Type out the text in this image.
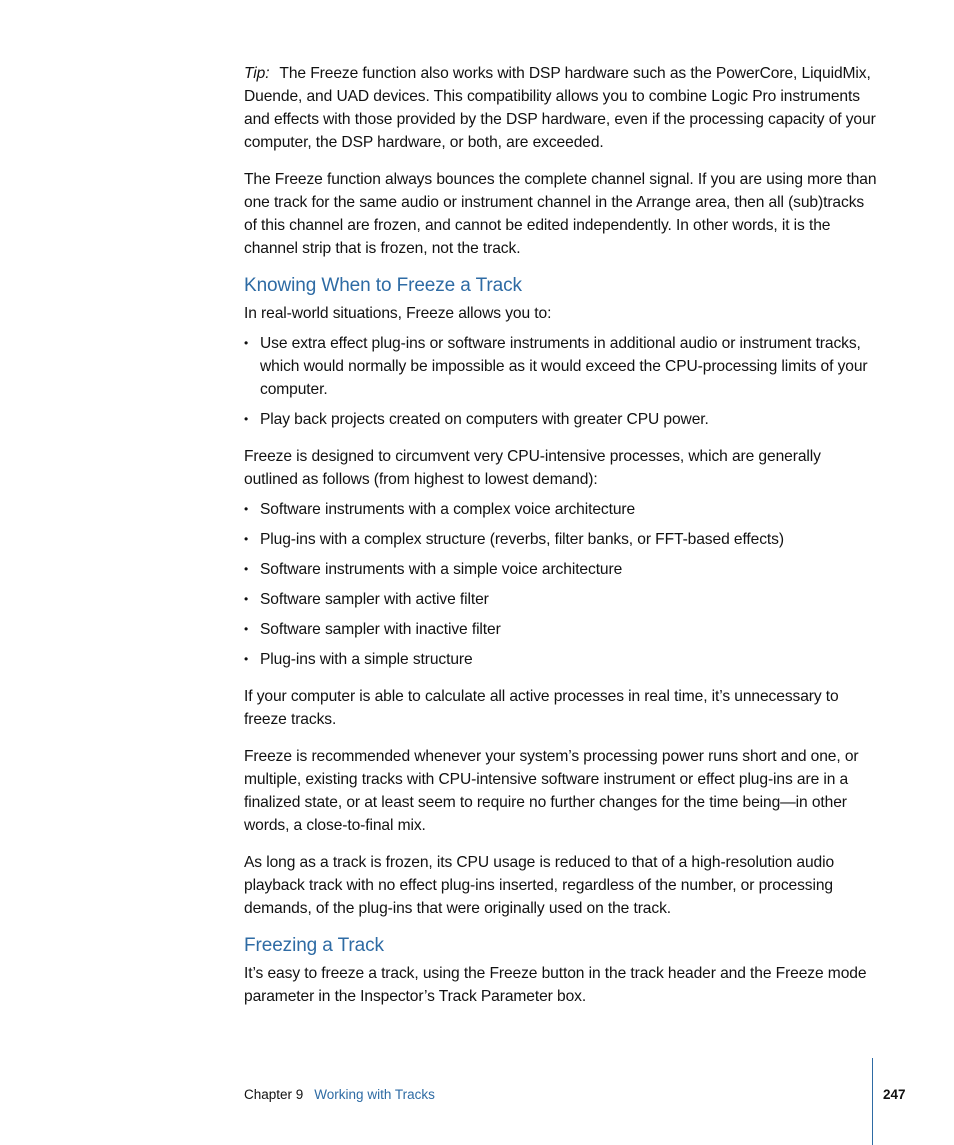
Tip: The Freeze function also works with DSP hardware such as the PowerCore, LiquidMix, Duende, and UAD devices. This compatibility allows you to combine Logic Pro instruments and effects with those provided by the DSP hardware, even if the processing capacity of your computer, the DSP hardware, or both, are exceeded.

The Freeze function always bounces the complete channel signal. If you are using more than one track for the same audio or instrument channel in the Arrange area, then all (sub)tracks of this channel are frozen, and cannot be edited independently. In other words, it is the channel strip that is frozen, not the track.

Knowing When to Freeze a Track

In real-world situations, Freeze allows you to:

• Use extra effect plug-ins or software instruments in additional audio or instrument tracks, which would normally be impossible as it would exceed the CPU-processing limits of your computer.
• Play back projects created on computers with greater CPU power.

Freeze is designed to circumvent very CPU-intensive processes, which are generally outlined as follows (from highest to lowest demand):

• Software instruments with a complex voice architecture
• Plug-ins with a complex structure (reverbs, filter banks, or FFT-based effects)
• Software instruments with a simple voice architecture
• Software sampler with active filter
• Software sampler with inactive filter
• Plug-ins with a simple structure

If your computer is able to calculate all active processes in real time, it’s unnecessary to freeze tracks.

Freeze is recommended whenever your system’s processing power runs short and one, or multiple, existing tracks with CPU-intensive software instrument or effect plug-ins are in a finalized state, or at least seem to require no further changes for the time being—in other words, a close-to-final mix.

As long as a track is frozen, its CPU usage is reduced to that of a high-resolution audio playback track with no effect plug-ins inserted, regardless of the number, or processing demands, of the plug-ins that were originally used on the track.

Freezing a Track

It’s easy to freeze a track, using the Freeze button in the track header and the Freeze mode parameter in the Inspector’s Track Parameter box.

Chapter 9 Working with Tracks	247
